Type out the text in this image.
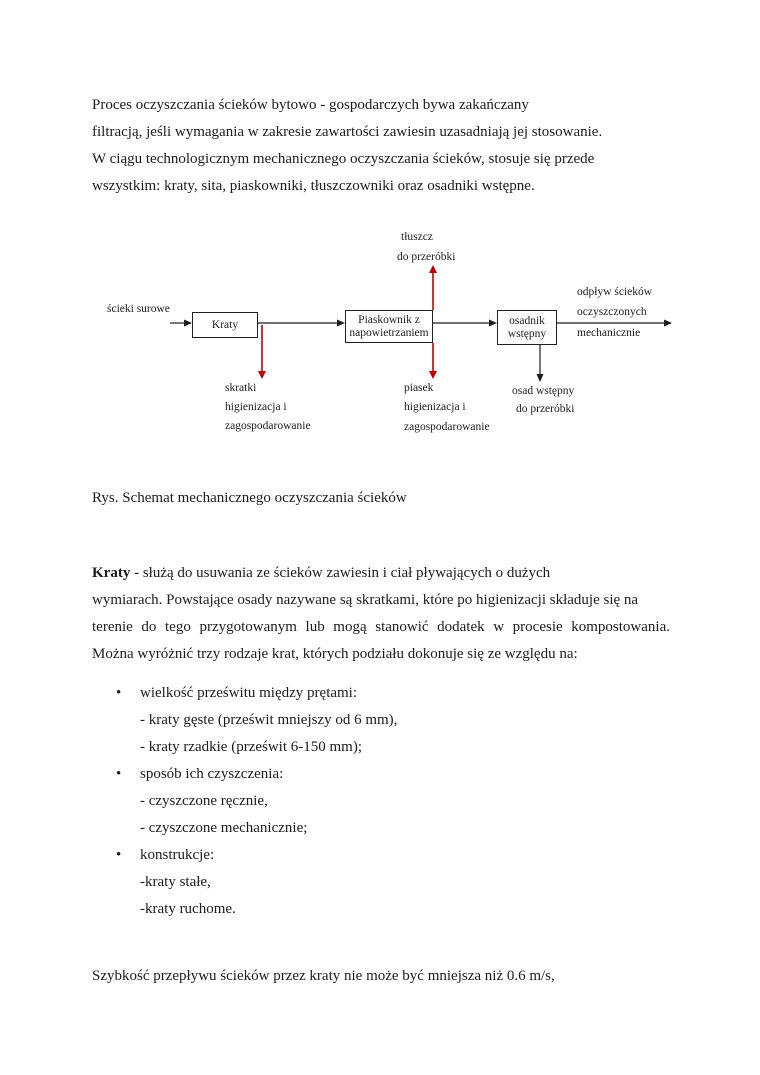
Proces oczyszczania ścieków bytowo - gospodarczych bywa zakańczany
filtracją, jeśli wymagania w zakresie zawartości zawiesin uzasadniają jej stosowanie.
W ciągu technologicznym mechanicznego oczyszczania ścieków, stosuje się przede
wszystkim: kraty, sita, piaskowniki, tłuszczowniki oraz osadniki wstępne.
ścieki surowe
tłuszcz
do przeróbki
Kraty	Piaskownik z
napowietrzaniem
osadnik
wstępny
odpływ ścieków
oczyszczonych
mechanicznie
skratki
higienizacja i
zagospodarowanie
piasek
higienizacja i
zagospodarowanie
osad wstępny
do przeróbki
Rys. Schemat mechanicznego oczyszczania ścieków
Kraty - służą do usuwania ze ścieków zawiesin i ciał pływających o dużych
wymiarach. Powstające osady nazywane są skratkami, które po higienizacji składuje się na
terenie do tego przygotowanym lub mogą stanowić dodatek w procesie kompostowania.
Można wyróżnić trzy rodzaje krat, których podziału dokonuje się ze względu na:
•	wielkość prześwitu między prętami:
- kraty gęste (prześwit mniejszy od 6 mm),
- kraty rzadkie (prześwit 6-150 mm);
•	sposób ich czyszczenia:
- czyszczone ręcznie,
- czyszczone mechanicznie;
•	konstrukcje:
-kraty stałe,
-kraty ruchome.
Szybkość przepływu ścieków przez kraty nie może być mniejsza niż 0.6 m/s,
